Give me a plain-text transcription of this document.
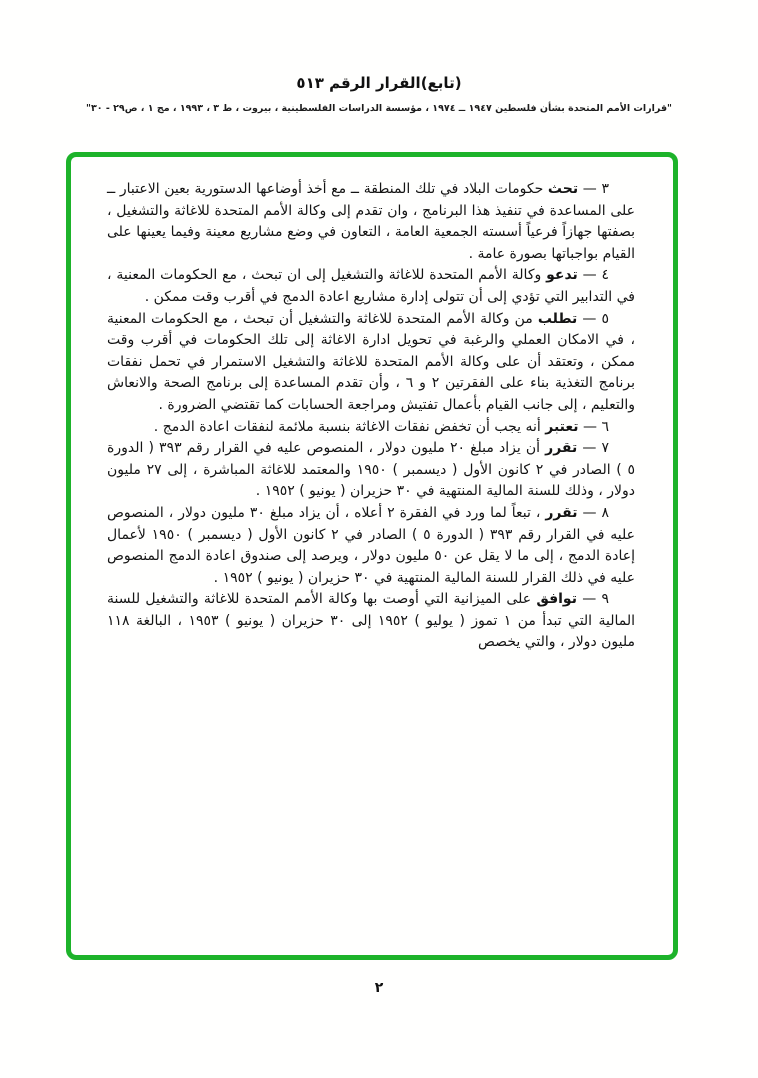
(تابع)القرار الرقم ٥١٣
"قرارات الأمم المتحدة بشأن فلسطين ١٩٤٧ ــ ١٩٧٤ ، مؤسسة الدراسات الفلسطينية ، بيروت ، ط ٣ ، ١٩٩٣ ، مج ١ ، ص٢٩ - ٣٠"

٣ — تحث حكومات البلاد في تلك المنطقة ــ مع أخذ أوضاعها الدستورية بعين الاعتبار ــ على المساعدة في تنفيذ هذا البرنامج ، وان تقدم إلى وكالة الأمم المتحدة للاغاثة والتشغيل ، بصفتها جهازاً فرعياً أسسته الجمعية العامة ، التعاون في وضع مشاريع معينة وفيما يعينها على القيام بواجباتها بصورة عامة .

٤ — تدعو وكالة الأمم المتحدة للاغاثة والتشغيل إلى ان تبحث ، مع الحكومات المعنية ، في التدابير التي تؤدي إلى أن تتولى إدارة مشاريع اعادة الدمج في أقرب وقت ممكن .

٥ — تطلب من وكالة الأمم المتحدة للاغاثة والتشغيل أن تبحث ، مع الحكومات المعنية ، في الامكان العملي والرغبة في تحويل ادارة الاغاثة إلى تلك الحكومات في أقرب وقت ممكن ، وتعتقد أن على وكالة الأمم المتحدة للاغاثة والتشغيل الاستمرار في تحمل نفقات برنامج التغذية بناء على الفقرتين ٢ و ٦ ، وأن تقدم المساعدة إلى برنامج الصحة والانعاش والتعليم ، إلى جانب القيام بأعمال تفتيش ومراجعة الحسابات كما تقتضي الضرورة .

٦ — تعتبر أنه يجب أن تخفض نفقات الاغاثة بنسبة ملائمة لنفقات اعادة الدمج .

٧ — تقرر أن يزاد مبلغ ٢٠ مليون دولار ، المنصوص عليه في القرار رقم ٣٩٣ ( الدورة ٥ ) الصادر في ٢ كانون الأول ( ديسمبر ) ١٩٥٠ والمعتمد للاغاثة المباشرة ، إلى ٢٧ مليون دولار ، وذلك للسنة المالية المنتهية في ٣٠ حزيران ( يونيو ) ١٩٥٢ .

٨ — تقرر ، تبعاً لما ورد في الفقرة ٢ أعلاه ، أن يزاد مبلغ ٣٠ مليون دولار ، المنصوص عليه في القرار رقم ٣٩٣ ( الدورة ٥ ) الصادر في ٢ كانون الأول ( ديسمبر ) ١٩٥٠ لأعمال إعادة الدمج ، إلى ما لا يقل عن ٥٠ مليون دولار ، ويرصد إلى صندوق اعادة الدمج المنصوص عليه في ذلك القرار للسنة المالية المنتهية في ٣٠ حزيران ( يونيو ) ١٩٥٢ .

٩ — توافق على الميزانية التي أوصت بها وكالة الأمم المتحدة للاغاثة والتشغيل للسنة المالية التي تبدأ من ١ تموز ( يوليو ) ١٩٥٢ إلى ٣٠ حزيران ( يونيو ) ١٩٥٣ ، البالغة ١١٨ مليون دولار ، والتي يخصص

٢
